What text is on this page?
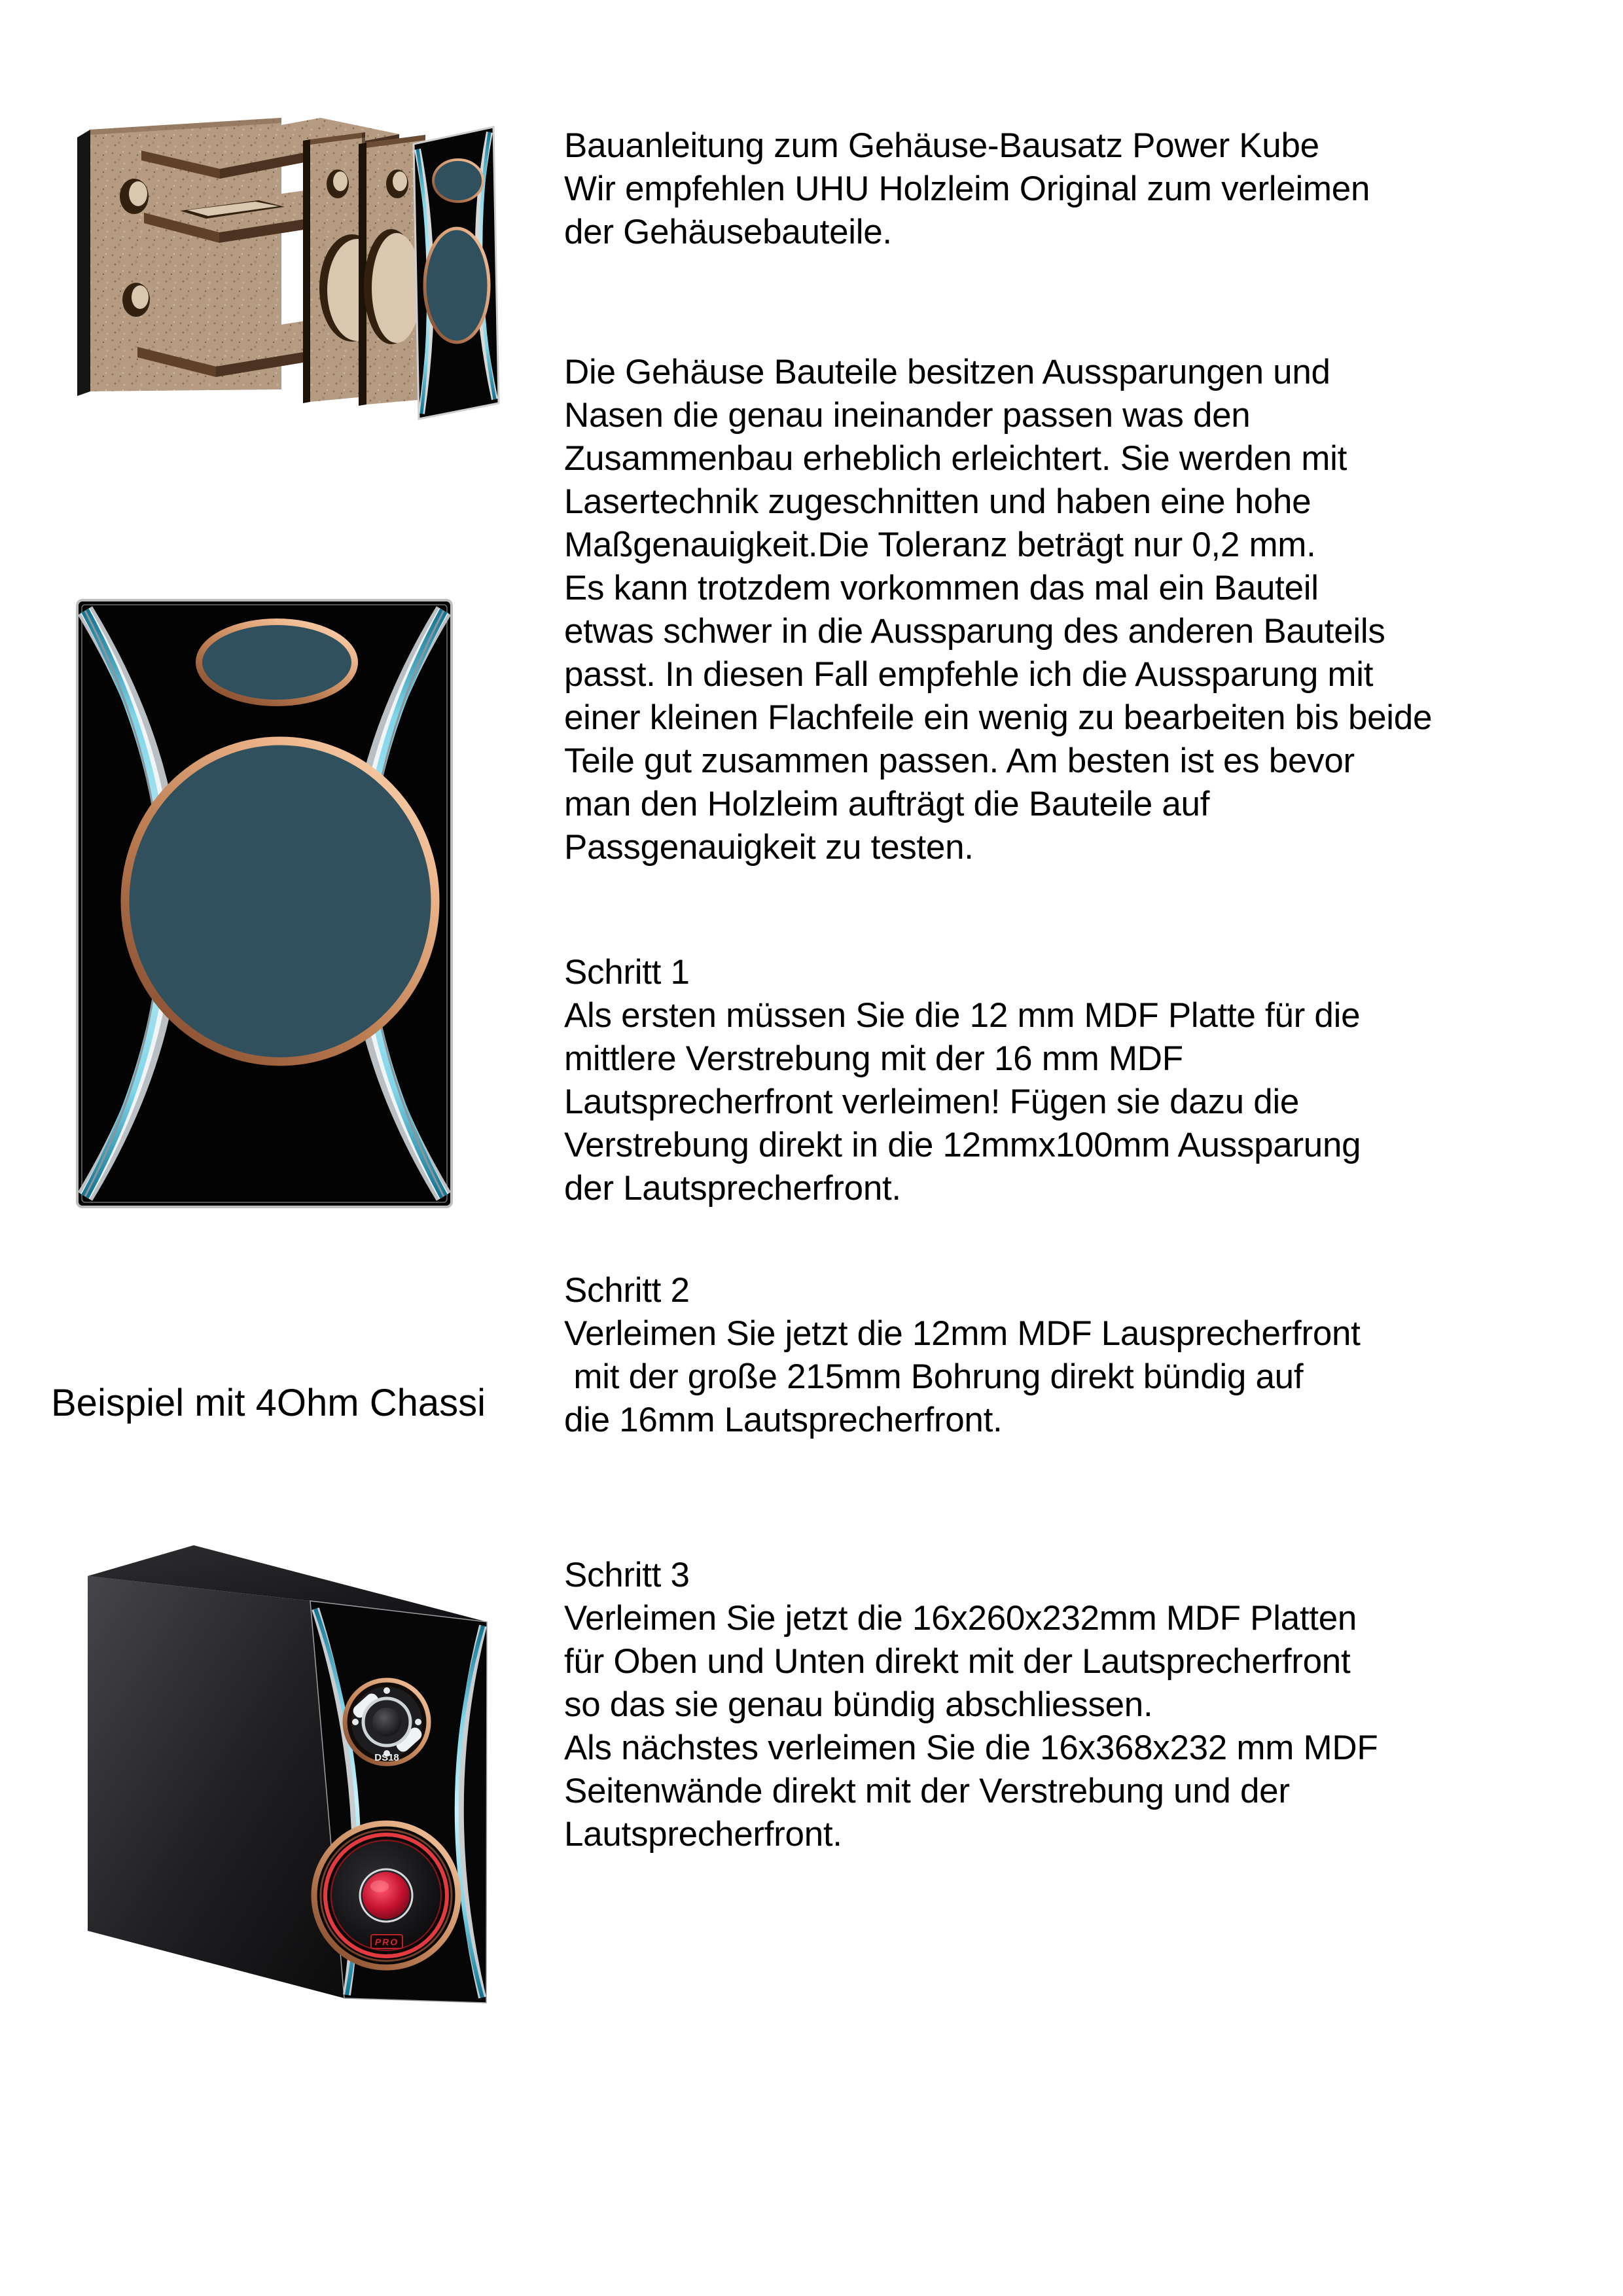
Bauanleitung zum Gehäuse-Bausatz Power Kube
Wir empfehlen UHU Holzleim Original zum verleimen
der Gehäusebauteile.
Die Gehäuse Bauteile besitzen Aussparungen und
Nasen die genau ineinander passen was den
Zusammenbau erheblich erleichtert. Sie werden mit
Lasertechnik zugeschnitten und haben eine hohe
Maßgenauigkeit.Die Toleranz beträgt nur 0,2 mm.
Es kann trotzdem vorkommen das mal ein Bauteil
etwas schwer in die Aussparung des anderen Bauteils
passt. In diesen Fall empfehle ich die Aussparung mit
einer kleinen Flachfeile ein wenig zu bearbeiten bis beide
Teile gut zusammen passen. Am besten ist es bevor
man den Holzleim aufträgt die Bauteile auf
Passgenauigkeit zu testen.
Schritt 1
Als ersten müssen Sie die 12 mm MDF Platte für die
mittlere Verstrebung mit der 16 mm MDF
Lautsprecherfront verleimen! Fügen sie dazu die
Verstrebung direkt in die 12mmx100mm Aussparung
der Lautsprecherfront.
Schritt 2
Verleimen Sie jetzt die 12mm MDF Lausprecherfront
mit der große 215mm Bohrung direkt bündig auf
die 16mm Lautsprecherfront.
Schritt 3
Verleimen Sie jetzt die 16x260x232mm MDF Platten
für Oben und Unten direkt mit der Lautsprecherfront
so das sie genau bündig abschliessen.
Als nächstes verleimen Sie die 16x368x232 mm MDF
Seitenwände direkt mit der Verstrebung und der
Lautsprecherfront.
Beispiel mit 4Ohm Chassi
DS18
PRO
